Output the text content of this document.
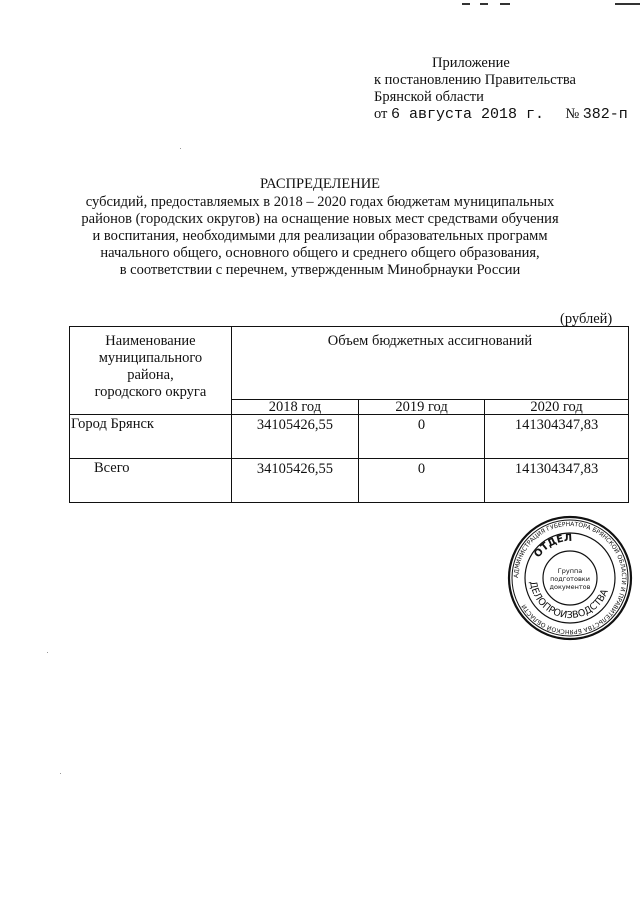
Приложение
к постановлению Правительства
Брянской области
от 6 августа 2018 г. № 382-п
РАСПРЕДЕЛЕНИЕ
субсидий, предоставляемых в 2018 – 2020 годах бюджетам муниципальных
районов (городских округов) на оснащение новых мест средствами обучения
и воспитания, необходимыми для реализации образовательных программ
начального общего, основного общего и среднего общего образования,
в соответствии с перечнем, утвержденным Минобрнауки России
(рублей)
Наименование
муниципального
района,
городского округа	Объем бюджетных ассигнований		
	2018 год	2019 год	2020 год
Город Брянск	34105426,55	0	141304347,83
Всего	34105426,55	0	141304347,83
АДМИНИСТРАЦИЯ ГУБЕРНАТОРА БРЯНСКОЙ ОБЛАСТИ И ПРАВИТЕЛЬСТВА БРЯНСКОЙ ОБЛАСТИ
ОТДЕЛ
ДЕЛОПРОИЗВОДСТВА
Группа
подготовки
документов
